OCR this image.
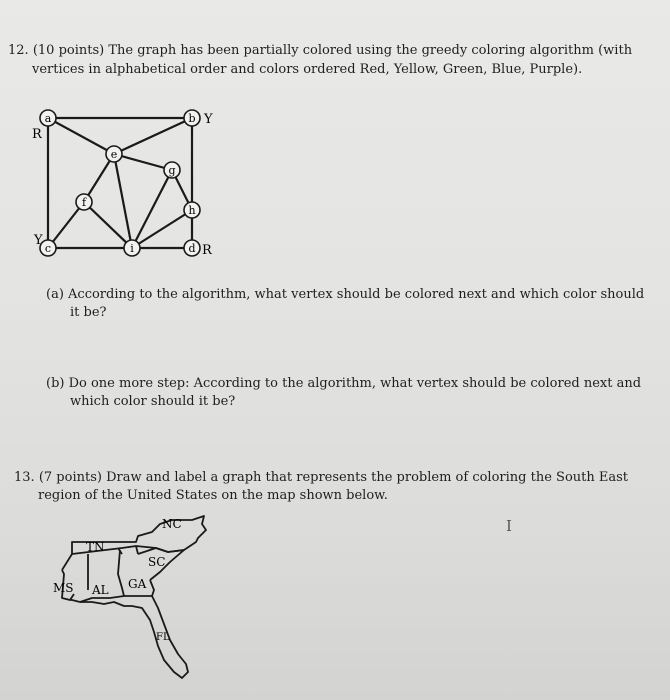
12. (10 points) The graph has been partially colored using the greedy coloring algorithm (with
vertices in alphabetical order and colors ordered Red, Yellow, Green, Blue, Purple).
a	b
c	d
e
f
g
h
i
R
Y
Y
R
(a) According to the algorithm, what vertex should be colored next and which color should
it be?
(b) Do one more step: According to the algorithm, what vertex should be colored next and
which color should it be?
13. (7 points) Draw and label a graph that represents the problem of coloring the South East
region of the United States on the map shown below.
I
NC
TN
SC
MS AL GA
FL
